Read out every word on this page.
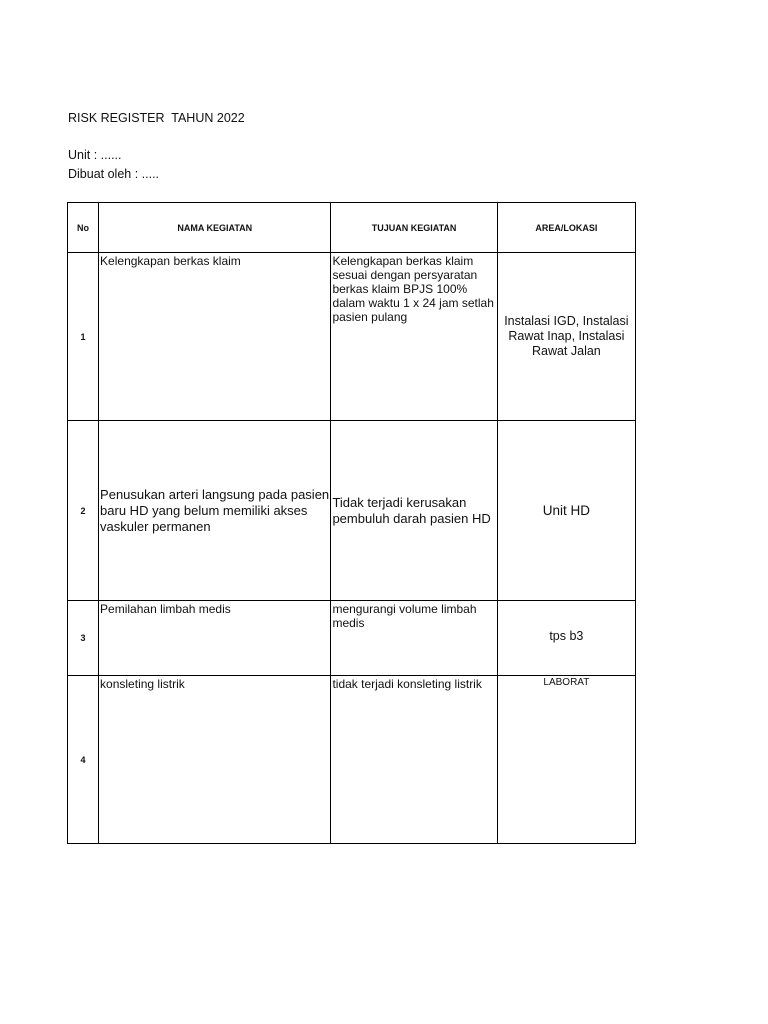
RISK REGISTER  TAHUN 2022
Unit : ......
Dibuat oleh : .....
No	NAMA KEGIATAN	TUJUAN KEGIATAN	AREA/LOKASI
1	Kelengkapan berkas klaim	Kelengkapan berkas klaim sesuai dengan persyaratan berkas klaim BPJS 100% dalam waktu 1 x 24 jam setlah pasien pulang	Instalasi IGD, Instalasi Rawat Inap, Instalasi Rawat Jalan
2	Penusukan arteri langsung pada pasien baru HD yang belum memiliki akses vaskuler permanen	Tidak terjadi kerusakan pembuluh darah pasien HD	Unit HD
3	Pemilahan limbah medis	mengurangi volume limbah medis	tps b3
4	konsleting listrik	tidak terjadi konsleting listrik	LABORAT
